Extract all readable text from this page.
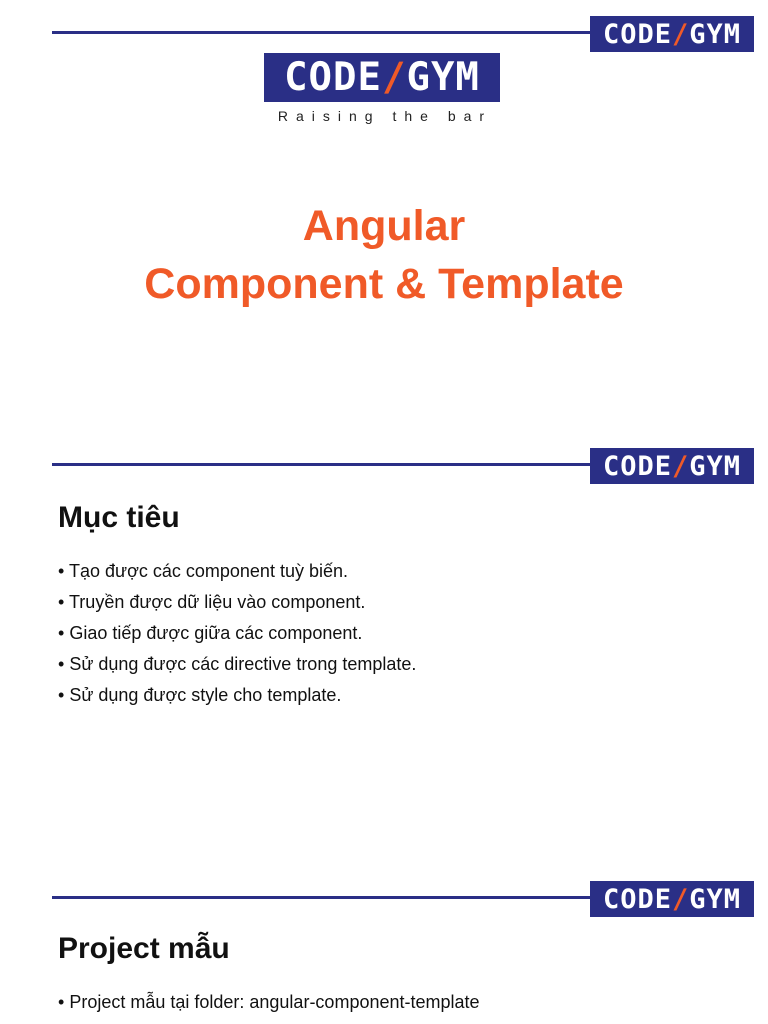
CODE ∕ GYM
CODE ∕ GYM
Raising the bar
Angular
Component & Template
CODE ∕ GYM
Mục tiêu
• Tạo được các component tuỳ biến.
• Truyền được dữ liệu vào component.
• Giao tiếp được giữa các component.
• Sử dụng được các directive trong template.
• Sử dụng được style cho template.
CODE ∕ GYM
Project mẫu
• Project mẫu tại folder: angular-component-template
